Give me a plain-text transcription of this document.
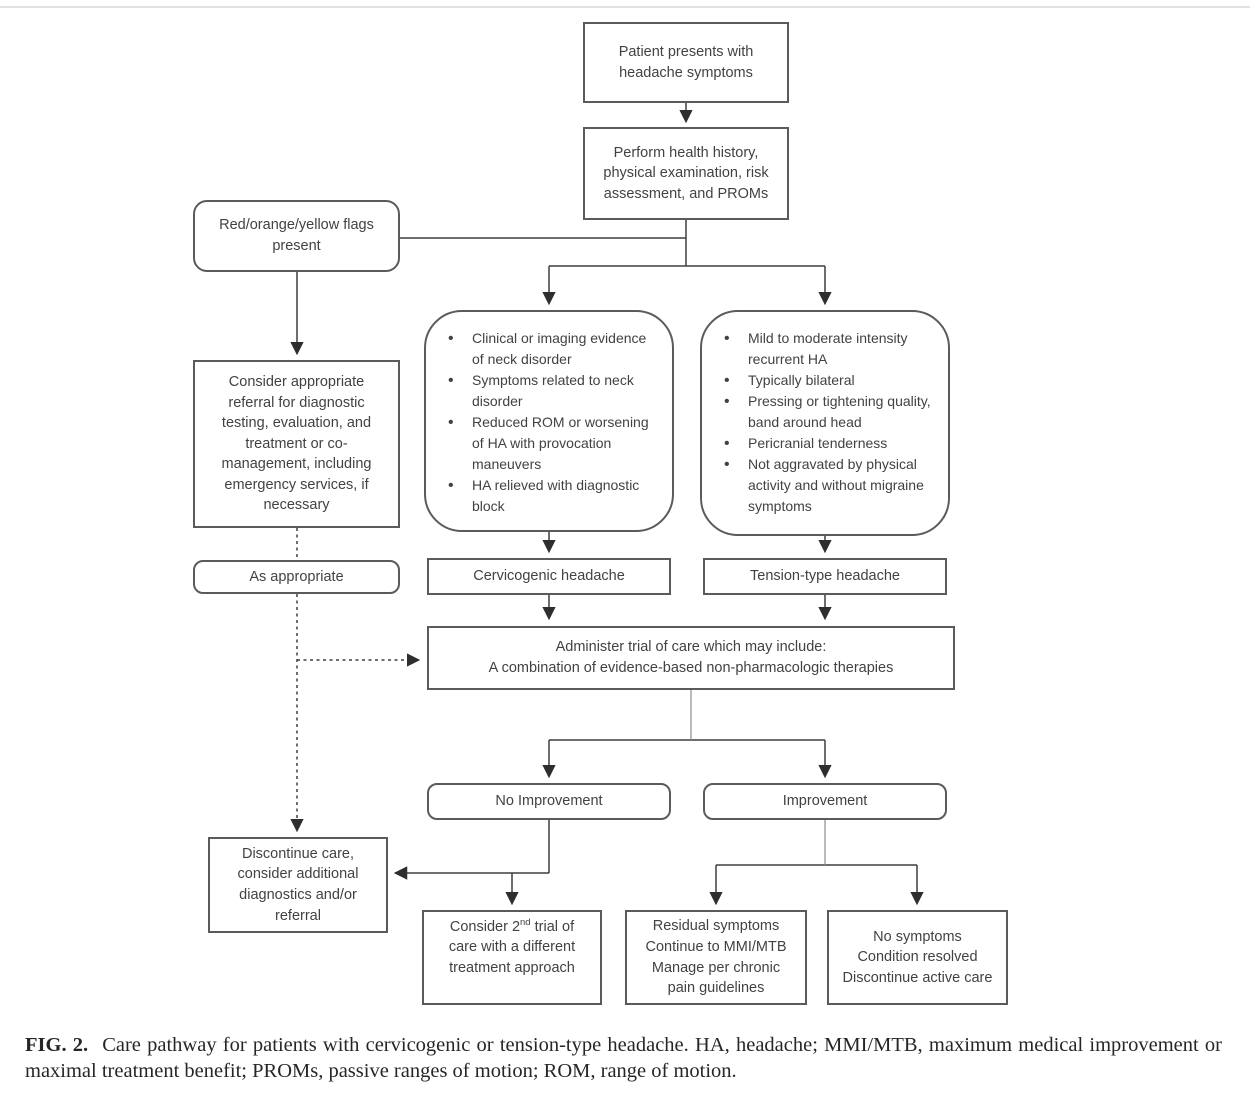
Patient presents with headache symptoms
Perform health history, physical examination, risk assessment, and PROMs
Red/orange/yellow flags present
Consider appropriate referral for diagnostic testing, evaluation, and treatment or co-management, including emergency services, if necessary
As appropriate
• Clinical or imaging evidence of neck disorder
• Symptoms related to neck disorder
• Reduced ROM or worsening of HA with provocation maneuvers
• HA relieved with diagnostic block
• Mild to moderate intensity recurrent HA
• Typically bilateral
• Pressing or tightening quality, band around head
• Pericranial tenderness
• Not aggravated by physical activity and without migraine symptoms
Cervicogenic headache	Tension-type headache
Administer trial of care which may include:
A combination of evidence-based non-pharmacologic therapies
No Improvement	Improvement
Discontinue care, consider additional diagnostics and/or referral
Consider 2nd trial of care with a different treatment approach
Residual symptoms
Continue to MMI/MTB
Manage per chronic pain guidelines
No symptoms
Condition resolved
Discontinue active care
FIG. 2. Care pathway for patients with cervicogenic or tension-type headache. HA, headache; MMI/MTB, maximum medical improvement or maximal treatment benefit; PROMs, passive ranges of motion; ROM, range of motion.
